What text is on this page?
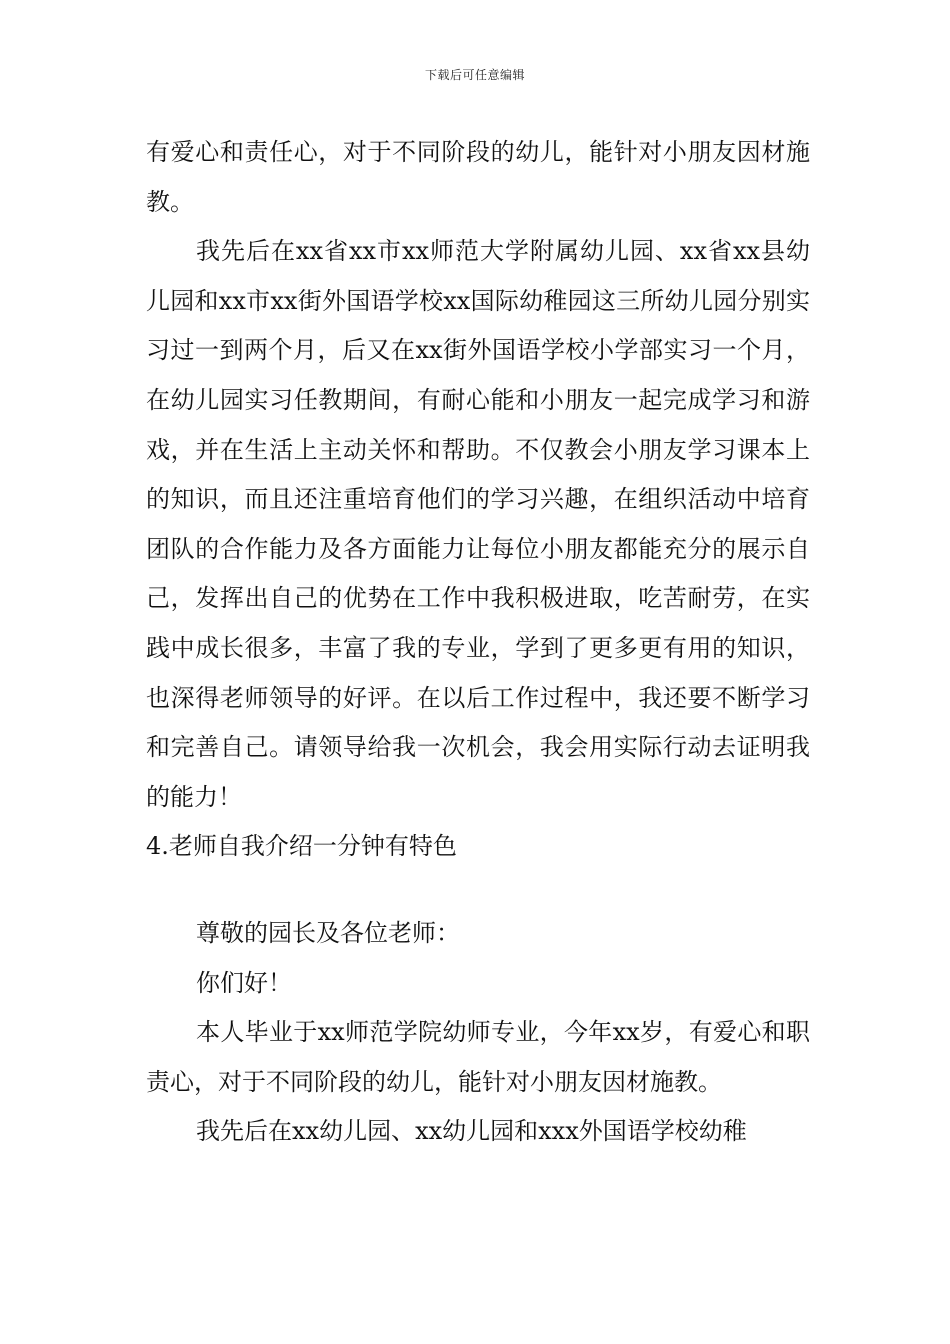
下载后可任意编辑

有爱心和责任心，对于不同阶段的幼儿，能针对小朋友因材施教。

我先后在xx省xx市xx师范大学附属幼儿园、xx省xx县幼儿园和xx市xx街外国语学校xx国际幼稚园这三所幼儿园分别实习过一到两个月，后又在xx街外国语学校小学部实习一个月，在幼儿园实习任教期间，有耐心能和小朋友一起完成学习和游戏，并在生活上主动关怀和帮助。不仅教会小朋友学习课本上的知识，而且还注重培育他们的学习兴趣，在组织活动中培育团队的合作能力及各方面能力让每位小朋友都能充分的展示自己，发挥出自己的优势在工作中我积极进取，吃苦耐劳，在实践中成长很多，丰富了我的专业，学到了更多更有用的知识，也深得老师领导的好评。在以后工作过程中，我还要不断学习和完善自己。请领导给我一次机会，我会用实际行动去证明我的能力！

4.老师自我介绍一分钟有特色

尊敬的园长及各位老师：

你们好！

本人毕业于xx师范学院幼师专业，今年xx岁，有爱心和职责心，对于不同阶段的幼儿，能针对小朋友因材施教。

我先后在xx幼儿园、xx幼儿园和xxx外国语学校幼稚
